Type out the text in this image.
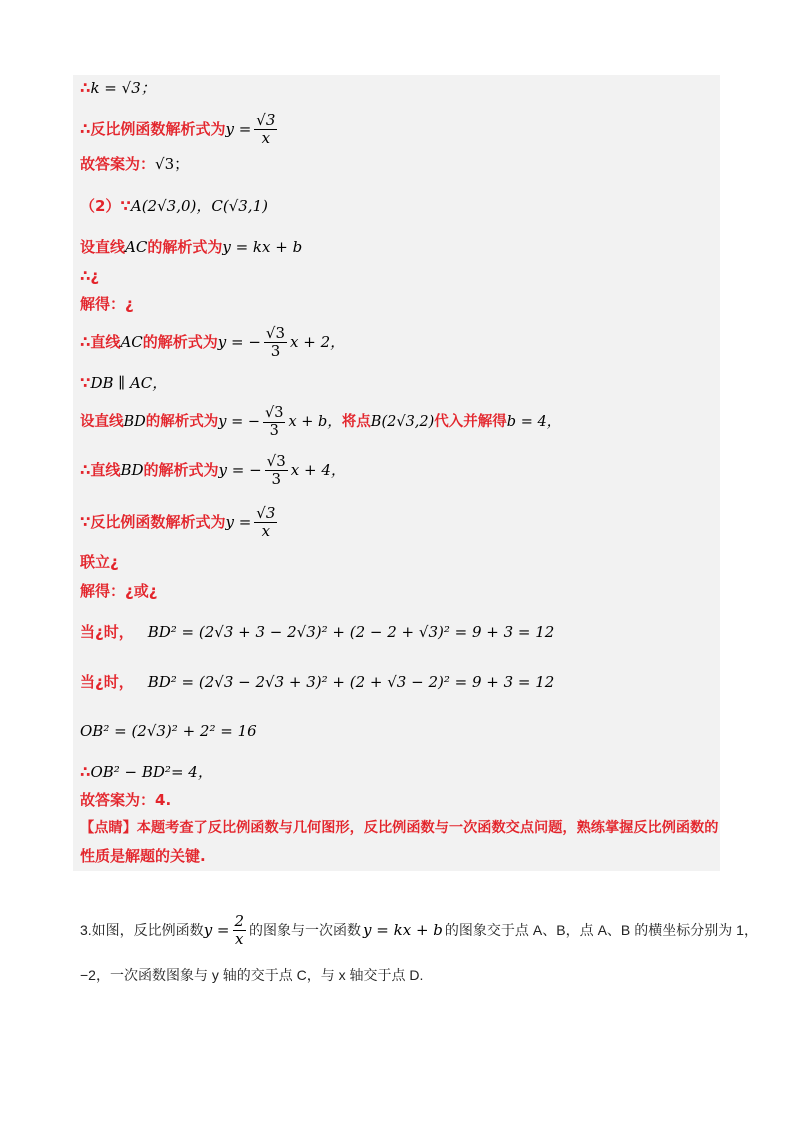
∴ k = √3；
∴反比例函数解析式为 $y = \frac{√3}{x}$
故答案为： √3；
（2）∵ A(2√3,0)，C(√3,1)
设直线 AC 的解析式为 y = kx + b
∴¿
解得：¿
∴直线 AC 的解析式为 y = − $\frac{√3}{3}$ x + 2，
∵ DB ∥ AC，
设直线 BD 的解析式为 y = − $\frac{√3}{3}$ x + b， 将点 B(2√3,2) 代入并解得 b = 4，
∴直线 BD 的解析式为 y = − $\frac{√3}{3}$ x + 4，
∵反比例函数解析式为 $y = \frac{√3}{x}$
联立¿
解得：¿或¿
当¿时， BD² = (2√3 + 3 − 2√3)² + (2 − 2 + √3)² = 9 + 3 = 12
当¿时， BD² = (2√3 − 2√3 + 3)² + (2 + √3 − 2)² = 9 + 3 = 12
OB² = (2√3)² + 2² = 16
∴ OB² − BD² = 4，
故答案为：4.
【点睛】本题考查了反比例函数与几何图形，反比例函数与一次函数交点问题，熟练掌握反比例函数的
性质是解题的关键.
3.如图，反比例函数 $y = \frac{2}{x}$ 的图象与一次函数 y = kx + b 的图象交于点 A、B，点 A、B 的横坐标分别为 1，
−2，一次函数图象与 y 轴的交于点 C，与 x 轴交于点 D.
